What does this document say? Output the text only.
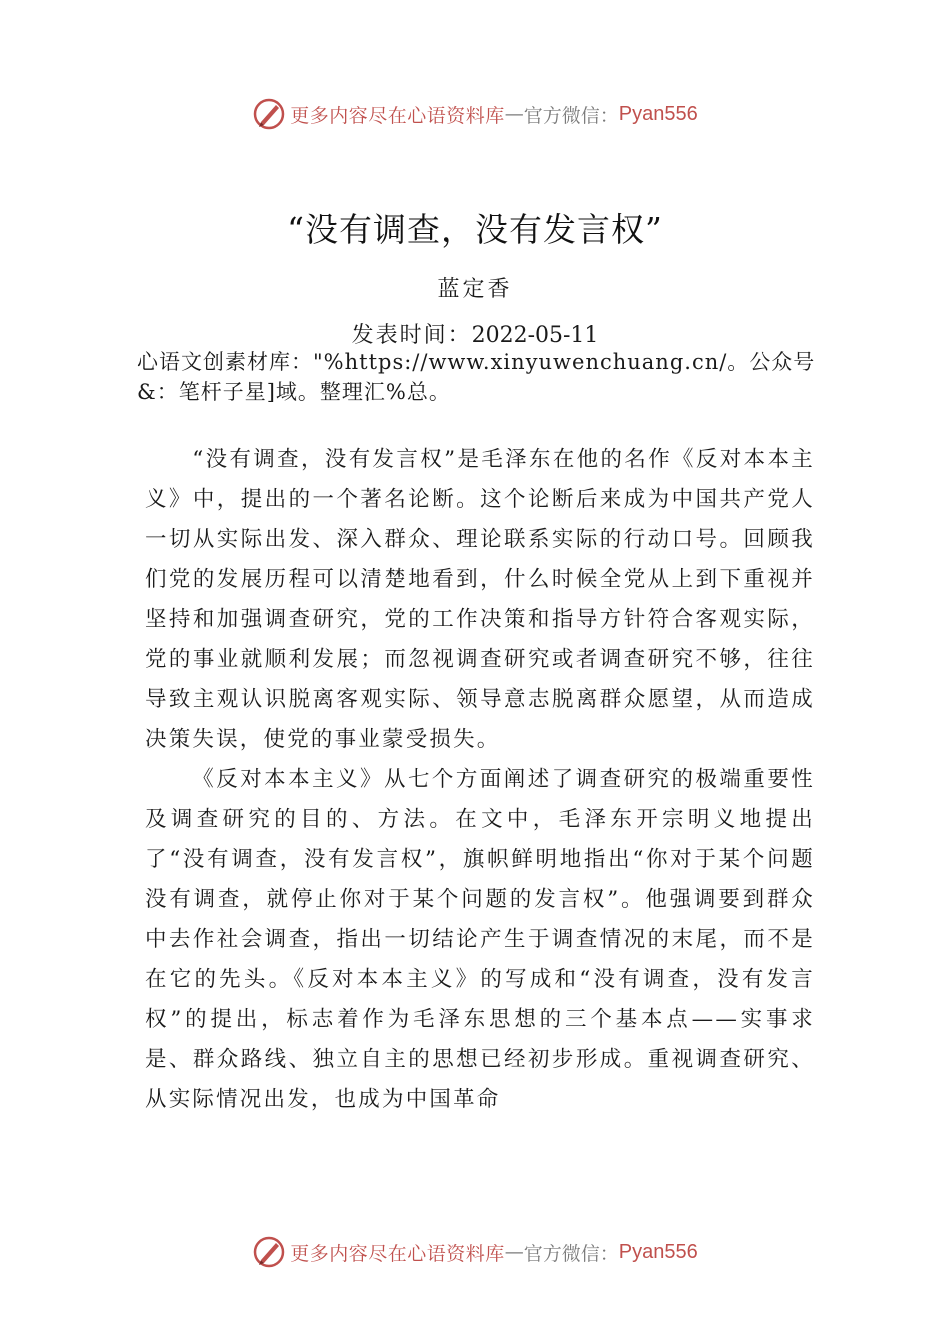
更多内容尽在心语资料库 — 官方微信： Pyan556
“没有调查，没有发言权”
蓝定香
发表时间：2022-05-11
心语文创素材库："%https://www.xinyuwenchuang.cn/。公众号&：笔杆子星]域。整理汇%总。

“没有调查，没有发言权”是毛泽东在他的名作《反对本本主义》中，提出的一个著名论断。这个论断后来成为中国共产党人一切从实际出发、深入群众、理论联系实际的行动口号。回顾我们党的发展历程可以清楚地看到，什么时候全党从上到下重视并坚持和加强调查研究，党的工作决策和指导方针符合客观实际，党的事业就顺利发展；而忽视调查研究或者调查研究不够，往往导致主观认识脱离客观实际、领导意志脱离群众愿望，从而造成决策失误，使党的事业蒙受损失。

《反对本本主义》从七个方面阐述了调查研究的极端重要性及调查研究的目的、方法。在文中，毛泽东开宗明义地提出了“没有调查，没有发言权”，旗帜鲜明地指出“你对于某个问题没有调查，就停止你对于某个问题的发言权”。他强调要到群众中去作社会调查，指出一切结论产生于调查情况的末尾，而不是在它的先头。《反对本本主义》的写成和“没有调查，没有发言权”的提出，标志着作为毛泽东思想的三个基本点——实事求是、群众路线、独立自主的思想已经初步形成。重视调查研究、从实际情况出发，也成为中国革命

更多内容尽在心语资料库 — 官方微信： Pyan556
